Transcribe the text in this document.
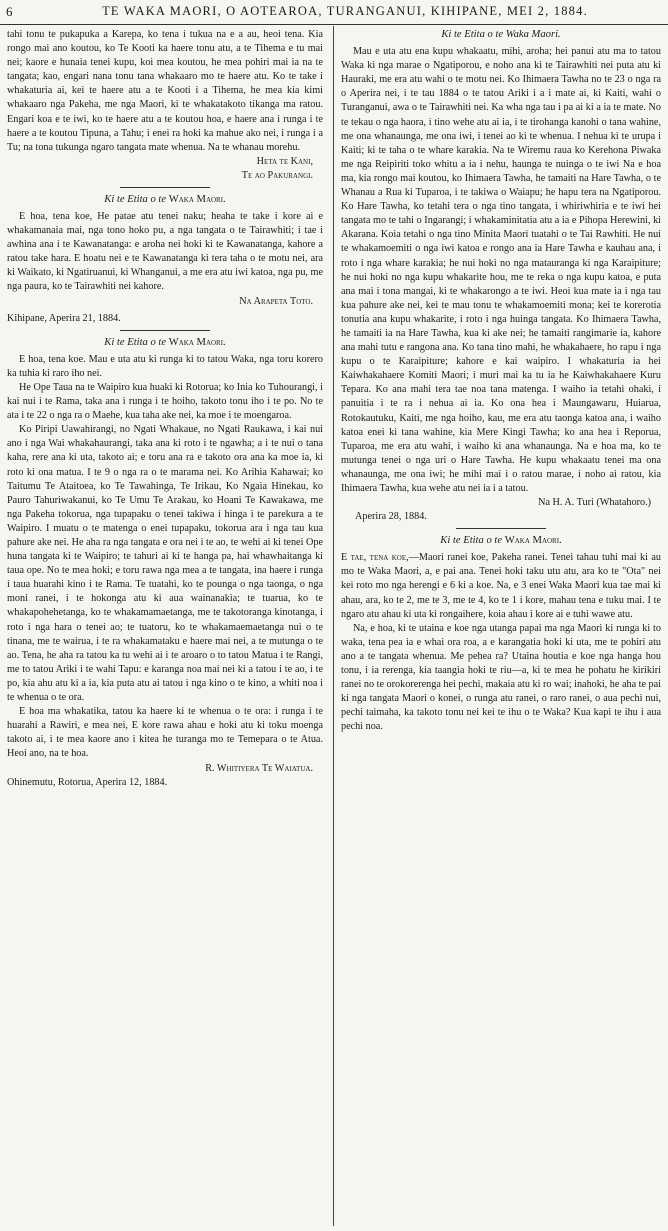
6	TE WAKA MAORI, O AOTEAROA, TURANGANUI, KIHIPANE, MEI 2, 1884.

tahi tonu te pukapuka a Karepa, ko tena i tukua na e a au, heoi tena. Kia rongo mai ano koutou, ko Te Kooti ka haere tonu atu, a te Tihema e tu mai nei; kaore e hunaia tenei kupu, koi mea koutou, he mea pohiri mai ia na te tangata; kao, engari nana tonu tana whakaaro mo te haere atu. Ko te take i whakaturia ai, kei te haere atu a te Kooti i a Tihema, he mea kia kimi whakaaro nga Pakeha, me nga Maori, ki te whakatakoto tikanga ma ratou. Engari koa e te iwi, ko te haere atu a te koutou hoa, e haere ana i runga i te haere a te koutou Tipuna, a Tahu; i enei ra hoki ka mahue ako nei, i runga i a Tu; na tona tukunga ngaro tangata mate whenua. Na te whanau morehu.

Heta te Kani,
Te ao Pakurangi.
Ki te Etita o te Waka Maori.

E hoa, tena koe, He patae atu tenei naku; heaha te take i kore ai e whakamanaia mai, nga tono hoko pu, a nga tangata o te Tairawhiti; i tae i awhina ana i te Kawanatanga: e aroha nei hoki ki te Kawanatanga, kahore a ratou take hara. E hoatu nei e te Kawanatanga ki tera taha o te motu nei, ara ki Waikato, ki Ngatiruanui, ki Whanganui, a me era atu iwi katoa, nga pu, me nga paura, ko te Tairawhiti nei kahore.

Na Arapeta Toto.

Kihipane, Aperira 21, 1884.

Ki te Etita o te Waka Maori.

E hoa, tena koe. Mau e uta atu ki runga ki to tatou Waka, nga toru korero ka tuhia ki raro iho nei.

He Ope Taua na te Waipiro kua huaki ki Rotorua; ko Inia ko Tuhourangi, i kai nui i te Rama, taka ana i runga i te hoiho, takoto tonu iho i te po. No te ata i te 22 o nga ra o Maehe, kua taha ake nei, ka moe i te moengaroa.

Ko Piripi Uawahirangi, no Ngati Whakaue, no Ngati Raukawa, i kai nui ano i nga Wai whakahaurangi, taka ana ki roto i te ngawha; a i te nui o tana kaha, rere ana ki uta, takoto ai; e toru ana ra e takoto ora ana ka moe ia, ki roto ki ona matua. I te 9 o nga ra o te marama nei. Ko Arihia Kahawai; ko Taitumu Te Ataitoea, ko Te Tawahinga, Te Irikau, Ko Ngaia Hinekau, ko Pauro Tahuriwakanui, ko Te Umu Te Arakau, ko Hoani Te Kawakawa, me nga Pakeha tokorua, nga tupapaku o tenei takiwa i hinga i te parekura a te Waipiro. I muatu o te matenga o enei tupapaku, tokorua ara i nga tau kua pahure ake nei. He aha ra nga tangata e ora nei i te ao, te wehi ai ki tenei Ope huna tangata ki te Waipiro; te tahuri ai ki te hanga pa, hai whawhaitanga ki taua ope. No te mea hoki; e toru rawa nga mea a te tangata, ina haere i runga i taua huarahi kino i te Rama. Te tuatahi, ko te pounga o nga taonga, o nga moni ranei, i te hokonga atu ki aua wainanakia; te tuarua, ko te whakapohehetanga, ko te whakamamaetanga, me te takotoranga kinotanga, i roto i nga hara o tenei ao; te tuatoru, ko te whakamaemaetanga nui o te tinana, me te wairua, i te ra whakamataku e haere mai nei, a te mutunga o te ao. Tena, he aha ra tatou ka tu wehi ai i te aroaro o to tatou Matua i te Rangi, me to tatou Ariki i te wahi Tapu: e karanga noa mai nei ki a tatou i te ao, i te po, kia ahu atu ki a ia, kia puta atu ai tatou i nga kino o te kino, a whiti noa i te whenua o te ora.

E hoa ma whakatika, tatou ka haere ki te whenua o te ora: i runga i te huarahi a Rawiri, e mea nei, E kore rawa ahau e hoki atu ki toku moenga takoto ai, i te mea kaore ano i kitea he turanga mo te Temepara o te Atua. Heoi ano, na te hoa.

R. Whitiyera Te Waiatua.

Ohinemutu, Rotorua, Aperira 12, 1884.

Ki te Etita o te Waka Maori.

Mau e uta atu ena kupu whakaatu, mihi, aroha; hei panui atu ma to tatou Waka ki nga marae o Ngatiporou, e noho ana ki te Tairawhiti nei puta atu ki Hauraki, me era atu wahi o te motu nei. Ko Ihimaera Tawha no te 23 o nga ra o Aperira nei, i te tau 1884 o te tatou Ariki i a i mate ai, ki Kaiti, wahi o Turanganui, awa o te Tairawhiti nei. Ka wha nga tau i pa ai ki a ia te mate. No te tekau o nga haora, i tino wehe atu ai ia, i te tirohanga kanohi o tana wahine, me ona whanaunga, me ona iwi, i tenei ao ki te whenua. I nehua ki te urupa i Kaiti; ki te taha o te whare karakia. Na te Wiremu raua ko Kerehona Piwaka me nga Reipiriti toko whitu a ia i nehu, haunga te nuinga o te iwi Na e hoa ma, kia rongo mai koutou, ko Ihimaera Tawha, he tamaiti na Hare Tawha, o te Whanau a Rua ki Tuparoa, i te takiwa o Waiapu; he hapu tera na Ngatiporou. Ko Hare Tawha, ko tetahi tera o nga tino tangata, i whiriwhiria e te iwi hei tangata mo te tahi o Ingarangi; i whakaminitatia atu a ia e Pihopa Herewini, ki Akarana. Koia tetahi o nga tino Minita Maori tuatahi o te Tai Rawhiti. He nui te whakamoemiti o nga iwi katoa e rongo ana ia Hare Tawha e kauhau ana, i roto i nga whare karakia; he nui hoki no nga matauranga ki nga Karaipiture; he nui hoki no nga kupu whakarite hou, me te reka o nga kupu katoa, e puta ana mai i tona mangai, ki te whakarongo a te iwi. Heoi kua mate ia i nga tau kua pahure ake nei, kei te mau tonu te whakamoemiti mona; kei te korerotia tonutia ana kupu whakarite, i roto i nga huinga tangata. Ko Ihimaera Tawha, he tamaiti ia na Hare Tawha, kua ki ake nei; he tamaiti rangimarie ia, kahore ana mahi tutu e rangona ana. Ko tana tino mahi, he whakahaere, ho rapu i nga kupu o te Karaipiture; kahore e kai waipiro. I whakaturia ia hei Kaiwhakahaere Komiti Maori; i muri mai ka tu ia he Kaiwhakahaere Kuru Tepara. Ko ana mahi tera tae noa tana matenga. I waiho ia tetahi ohaki, i panuitia i te ra i nehua ai ia. Ko ona hea i Maungawaru, Huiarua, Rotokautuku, Kaiti, me nga hoiho, kau, me era atu taonga katoa ana, i waiho katoa enei ki tana wahine, kia Mere Kingi Tawha; ko ana hea i Reporua, Tuparoa, me era atu wahi, i waiho ki ana whanaunga. Na e hoa ma, ko te mutunga tenei o nga uri o Hare Tawha. He kupu whakaatu tenei ma ona whanaunga, me ona iwi; he mihi mai i o ratou marae, i noho ai ratou, kia Ihimaera Tawha, kua wehe atu nei ia i a tatou.

Na H. A. Turi (Whatahoro.)

Aperira 28, 1884.

Ki te Etita o te Waka Maori.

E tae, tena koe,—Maori ranei koe, Pakeha ranei. Tenei tahau tuhi mai ki au mo te Waka Maori, a, e pai ana. Tenei hoki taku utu atu, ara ko te "Ota" nei kei roto mo nga herengi e 6 ki a koe. Na, e 3 enei Waka Maori kua tae mai ki ahau, ara, ko te 2, me te 3, me te 4, ko te 1 i kore, mahau tena e tuku mai. I te ngaro atu ahau ki uta ki rongaihere, koia ahau i kore ai e tuhi wawe atu.

Na, e hoa, ki te utaina e koe nga utanga papai ma nga Maori ki runga ki to waka, tena pea ia e whai ora roa, a e karangatia hoki ki uta, me te pohiri atu ano a te tangata whenua. Me pehea ra? Utaina houtia e koe nga hanga hou tonu, i ia rerenga, kia taangia hoki te riu—a, ki te mea he pohatu he kirikiri ranei no te orokorerenga hei pechi, makaia atu ki ro wai; inahoki, he aha te pai ki nga tangata Maori o konei, o runga atu ranei, o raro ranei, o aua pechi nui, pechi taimaha, ka takoto tonu nei kei te ihu o te Waka? Kua kapi te ihu i aua pechi noa.
